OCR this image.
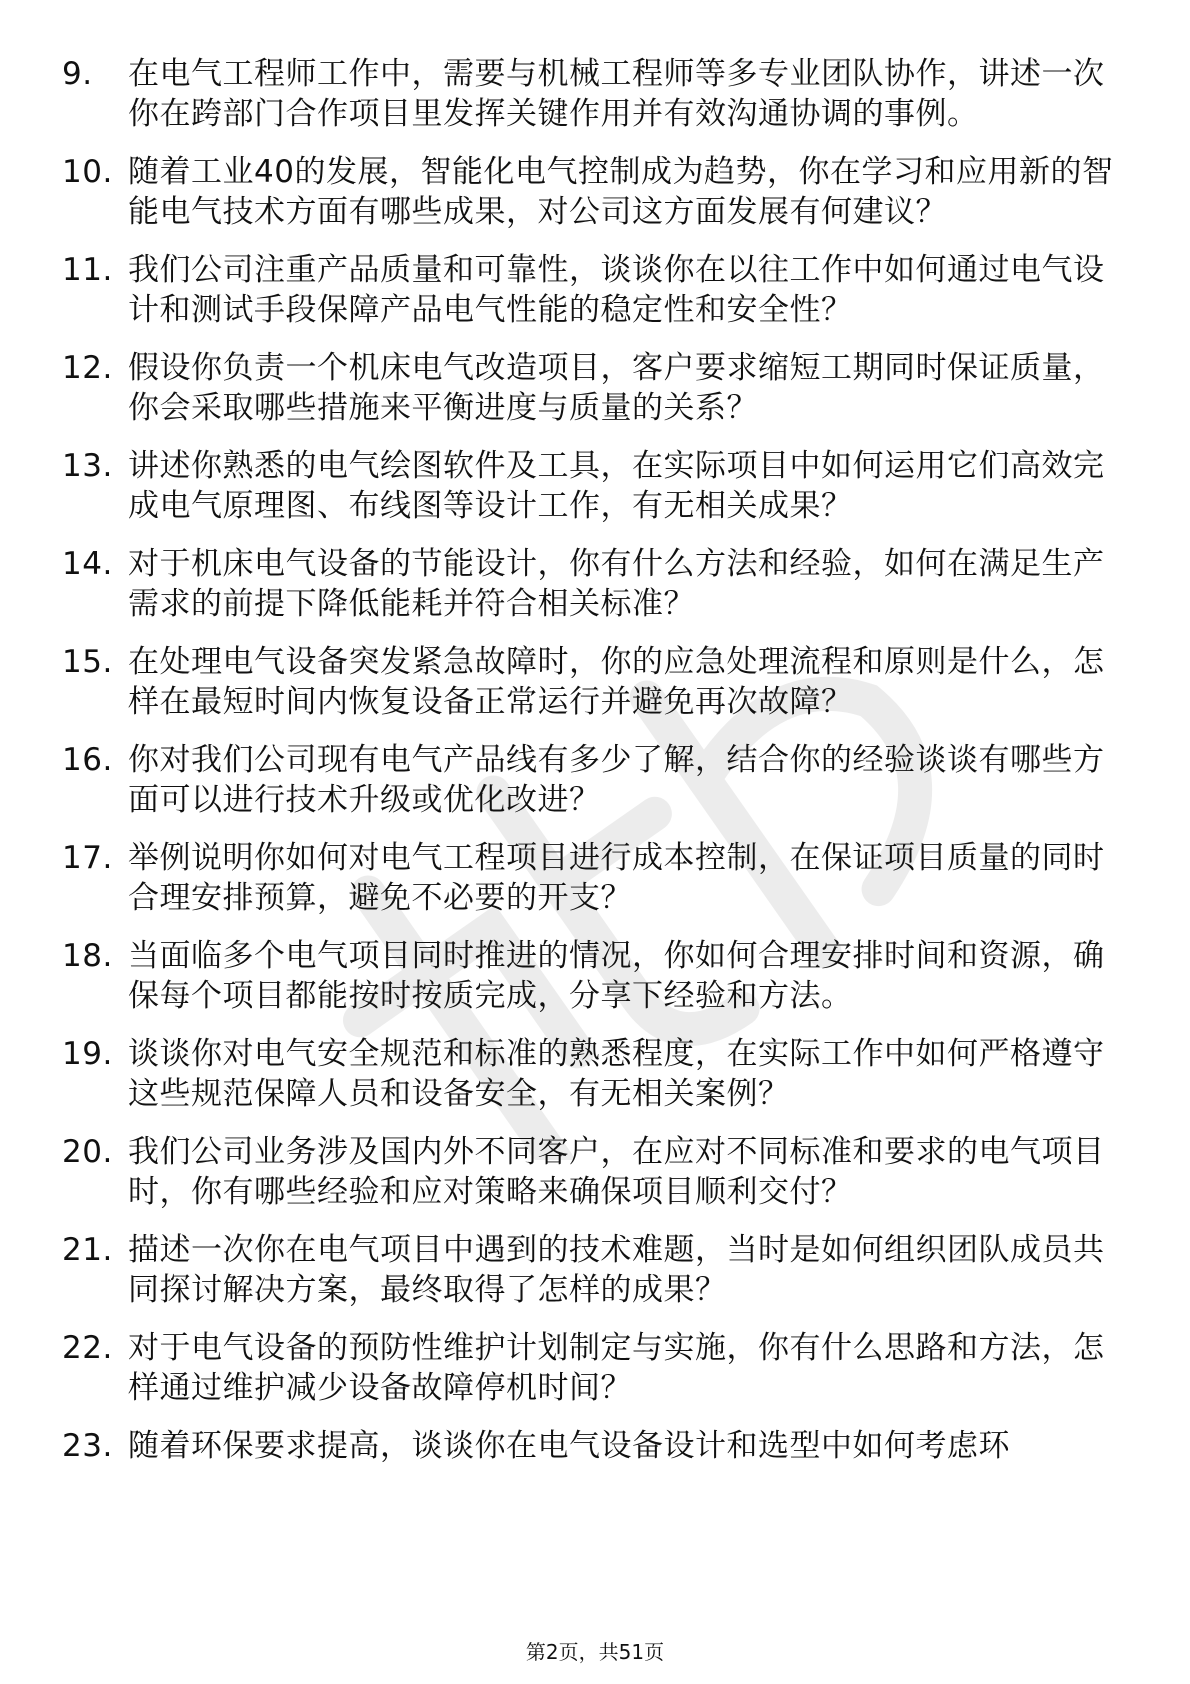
9.	在电气工程师工作中，需要与机械工程师等多专业团队协作，讲述一次你在跨部门合作项目里发挥关键作用并有效沟通协调的事例。
10. 随着工业40的发展，智能化电气控制成为趋势，你在学习和应用新的智能电气技术方面有哪些成果，对公司这方面发展有何建议？
11. 我们公司注重产品质量和可靠性，谈谈你在以往工作中如何通过电气设计和测试手段保障产品电气性能的稳定性和安全性？
12. 假设你负责一个机床电气改造项目，客户要求缩短工期同时保证质量，你会采取哪些措施来平衡进度与质量的关系？
13. 讲述你熟悉的电气绘图软件及工具，在实际项目中如何运用它们高效完成电气原理图、布线图等设计工作，有无相关成果？
14. 对于机床电气设备的节能设计，你有什么方法和经验，如何在满足生产需求的前提下降低能耗并符合相关标准？
15. 在处理电气设备突发紧急故障时，你的应急处理流程和原则是什么，怎样在最短时间内恢复设备正常运行并避免再次故障？
16. 你对我们公司现有电气产品线有多少了解，结合你的经验谈谈有哪些方面可以进行技术升级或优化改进？
17. 举例说明你如何对电气工程项目进行成本控制，在保证项目质量的同时合理安排预算，避免不必要的开支？
18. 当面临多个电气项目同时推进的情况，你如何合理安排时间和资源，确保每个项目都能按时按质完成，分享下经验和方法。
19. 谈谈你对电气安全规范和标准的熟悉程度，在实际工作中如何严格遵守这些规范保障人员和设备安全，有无相关案例？
20. 我们公司业务涉及国内外不同客户，在应对不同标准和要求的电气项目时，你有哪些经验和应对策略来确保项目顺利交付？
21. 描述一次你在电气项目中遇到的技术难题，当时是如何组织团队成员共同探讨解决方案，最终取得了怎样的成果？
22. 对于电气设备的预防性维护计划制定与实施，你有什么思路和方法，怎样通过维护减少设备故障停机时间？
23. 随着环保要求提高，谈谈你在电气设备设计和选型中如何考虑环
第2页，共51页
